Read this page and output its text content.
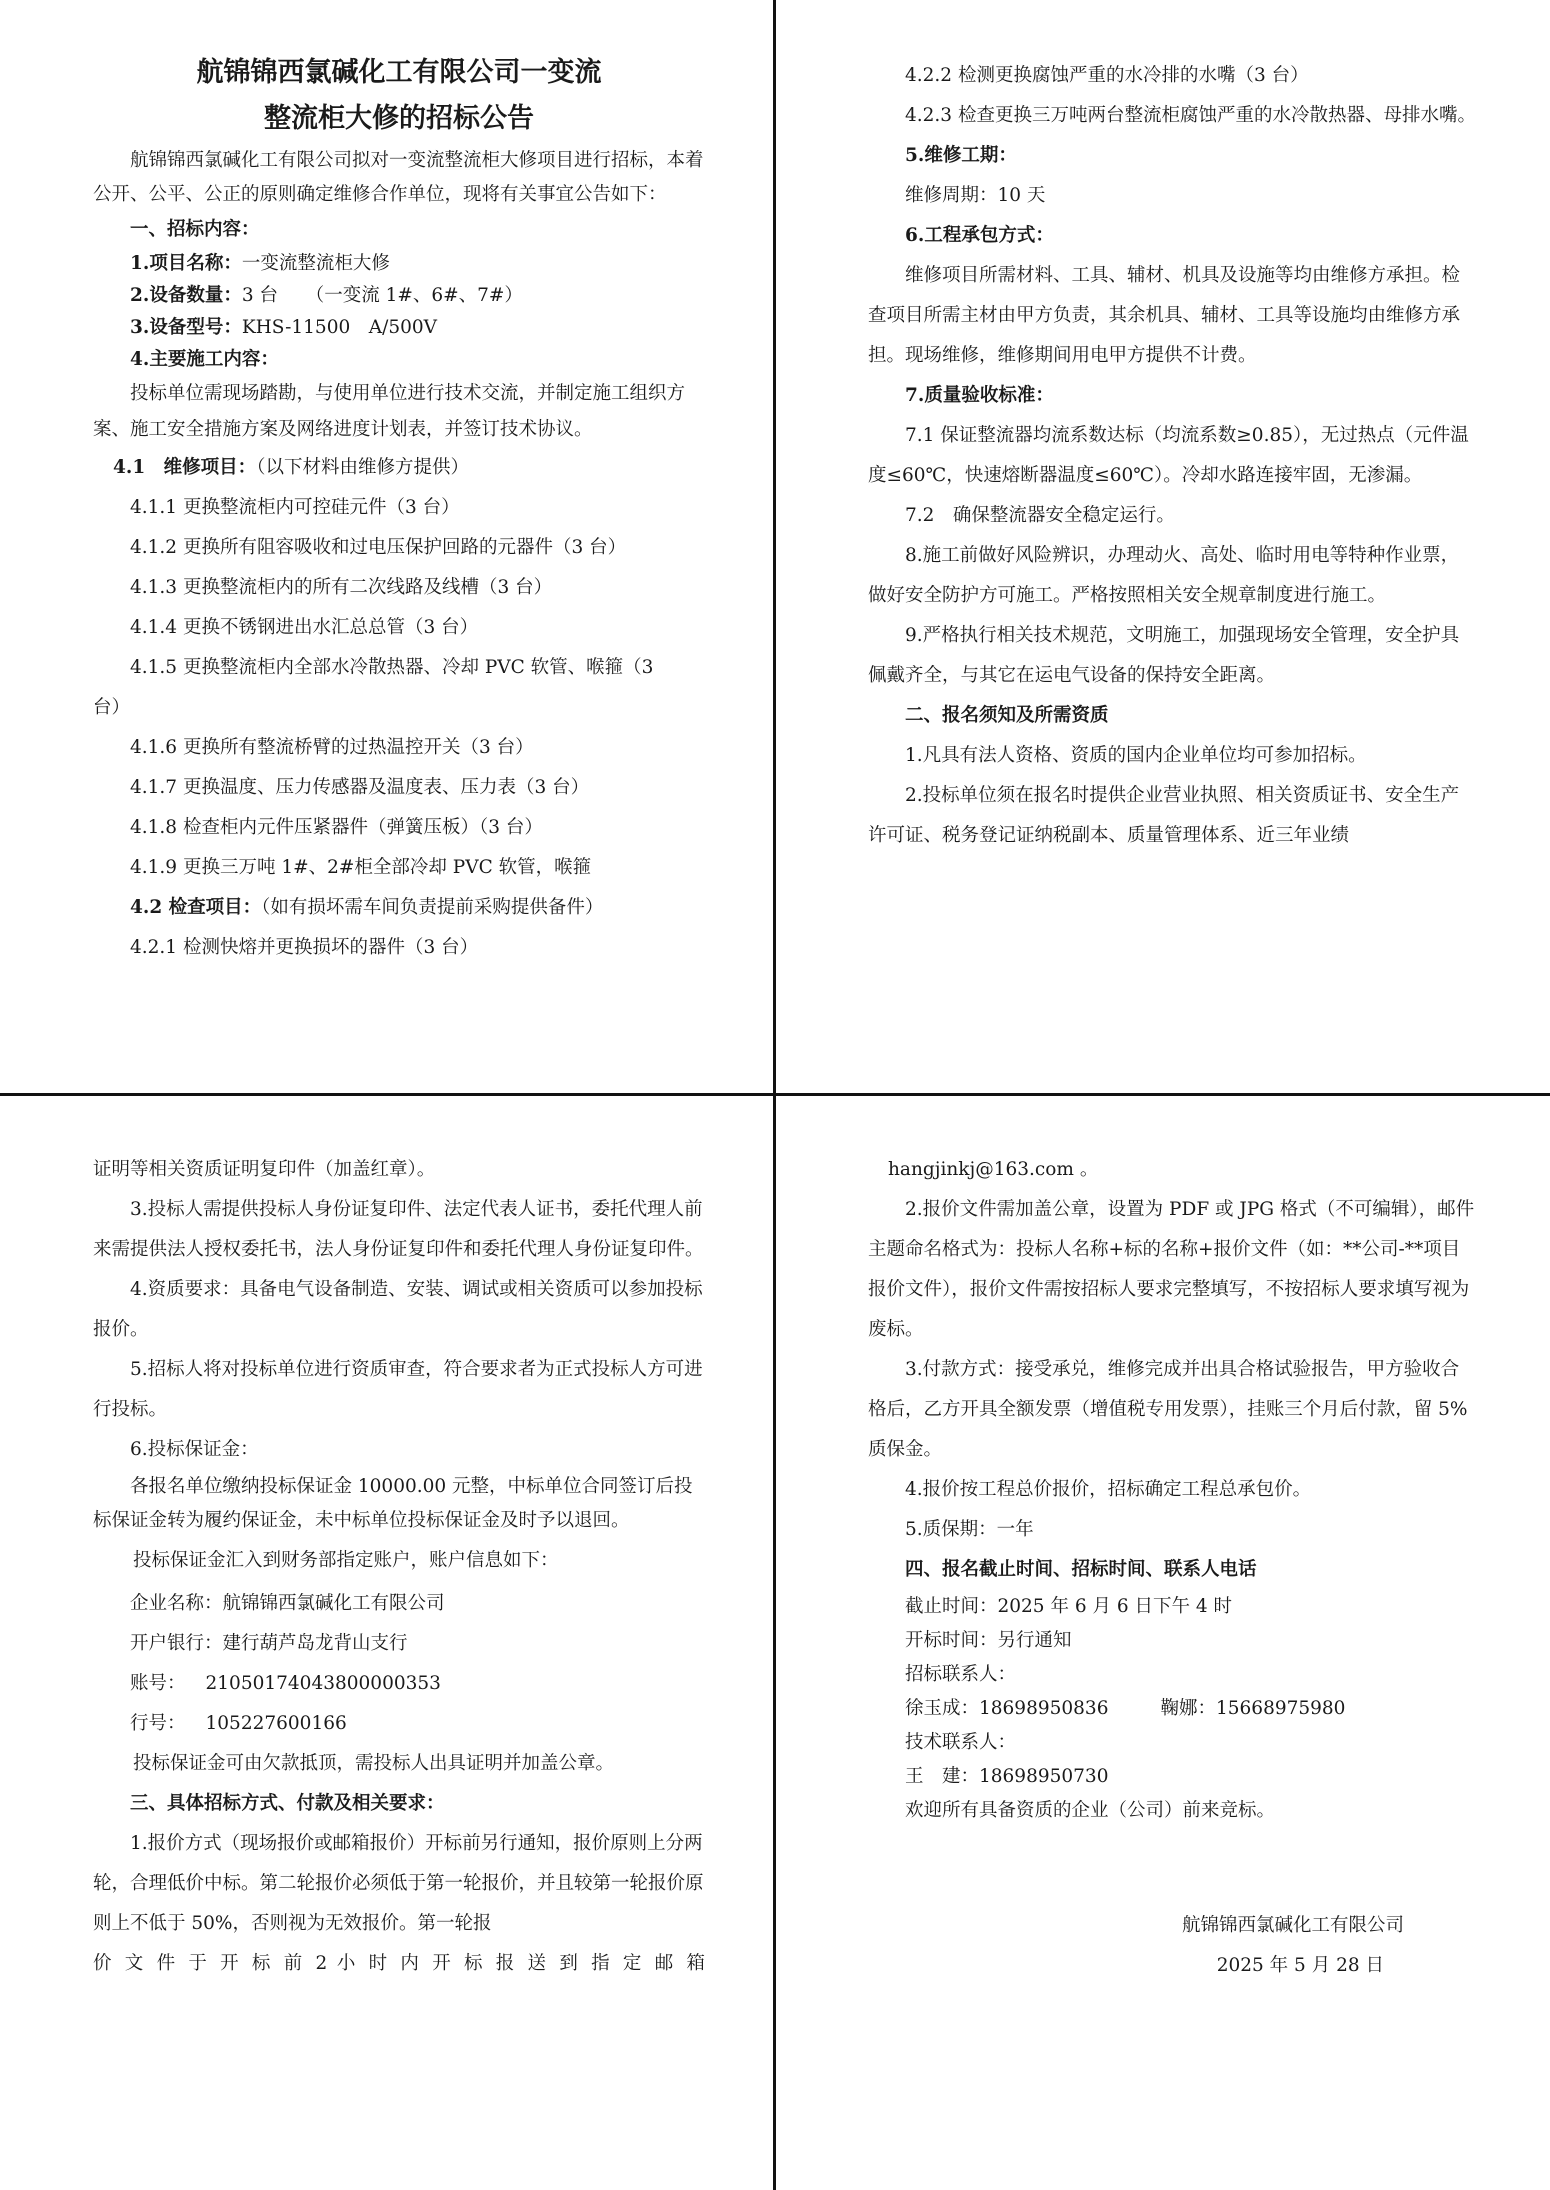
航锦锦西氯碱化工有限公司一变流
整流柜大修的招标公告
航锦锦西氯碱化工有限公司拟对一变流整流柜大修项目进行招标，本着公开、公平、公正的原则确定维修合作单位，现将有关事宜公告如下：
一、招标内容：
1.项目名称：一变流整流柜大修
2.设备数量：3 台　　（一变流 1#、6#、7#）
3.设备型号：KHS-11500　A/500V
4.主要施工内容：
投标单位需现场踏勘，与使用单位进行技术交流，并制定施工组织方案、施工安全措施方案及网络进度计划表，并签订技术协议。
4.1　维修项目：（以下材料由维修方提供）
4.1.1 更换整流柜内可控硅元件（3 台）
4.1.2 更换所有阻容吸收和过电压保护回路的元器件（3 台）
4.1.3 更换整流柜内的所有二次线路及线槽（3 台）
4.1.4 更换不锈钢进出水汇总总管（3 台）
4.1.5 更换整流柜内全部水冷散热器、冷却 PVC 软管、喉箍（3
台）
4.1.6 更换所有整流桥臂的过热温控开关（3 台）
4.1.7 更换温度、压力传感器及温度表、压力表（3 台）
4.1.8 检查柜内元件压紧器件（弹簧压板）（3 台）
4.1.9 更换三万吨 1#、2#柜全部冷却 PVC 软管，喉箍
4.2 检查项目：（如有损坏需车间负责提前采购提供备件）
4.2.1 检测快熔并更换损坏的器件（3 台）
4.2.2 检测更换腐蚀严重的水冷排的水嘴（3 台）
4.2.3 检查更换三万吨两台整流柜腐蚀严重的水冷散热器、母排水嘴。
5.维修工期：
维修周期：10 天
6.工程承包方式：
维修项目所需材料、工具、辅材、机具及设施等均由维修方承担。检查项目所需主材由甲方负责，其余机具、辅材、工具等设施均由维修方承担。现场维修，维修期间用电甲方提供不计费。
7.质量验收标准：
7.1 保证整流器均流系数达标（均流系数≥0.85），无过热点（元件温度≤60℃，快速熔断器温度≤60℃）。冷却水路连接牢固，无渗漏。
7.2　确保整流器安全稳定运行。
8.施工前做好风险辨识，办理动火、高处、临时用电等特种作业票，做好安全防护方可施工。严格按照相关安全规章制度进行施工。
9.严格执行相关技术规范，文明施工，加强现场安全管理，安全护具佩戴齐全，与其它在运电气设备的保持安全距离。
二、报名须知及所需资质
1.凡具有法人资格、资质的国内企业单位均可参加招标。
2.投标单位须在报名时提供企业营业执照、相关资质证书、安全生产许可证、税务登记证纳税副本、质量管理体系、近三年业绩
证明等相关资质证明复印件（加盖红章）。
3.投标人需提供投标人身份证复印件、法定代表人证书，委托代理人前来需提供法人授权委托书，法人身份证复印件和委托代理人身份证复印件。
4.资质要求：具备电气设备制造、安装、调试或相关资质可以参加投标报价。
5.招标人将对投标单位进行资质审查，符合要求者为正式投标人方可进行投标。
6.投标保证金：
各报名单位缴纳投标保证金 10000.00 元整，中标单位合同签订后投标保证金转为履约保证金，未中标单位投标保证金及时予以退回。
投标保证金汇入到财务部指定账户，账户信息如下：
企业名称：航锦锦西氯碱化工有限公司
开户银行：建行葫芦岛龙背山支行
账号： 21050174043800000353
行号： 105227600166
投标保证金可由欠款抵顶，需投标人出具证明并加盖公章。
三、具体招标方式、付款及相关要求：
1.报价方式（现场报价或邮箱报价）开标前另行通知，报价原则上分两轮，合理低价中标。第二轮报价必须低于第一轮报价，并且较第一轮报价原则上不低于 50%，否则视为无效报价。第一轮报
价 文 件 于 开 标 前 2 小 时 内 开 标 报 送 到 指 定 邮 箱
hangjinkj@163.com 。
2.报价文件需加盖公章，设置为 PDF 或 JPG 格式（不可编辑），邮件主题命名格式为：投标人名称+标的名称+报价文件（如：**公司-**项目报价文件），报价文件需按招标人要求完整填写，不按招标人要求填写视为废标。
3.付款方式：接受承兑，维修完成并出具合格试验报告，甲方验收合格后，乙方开具全额发票（增值税专用发票），挂账三个月后付款，留 5%质保金。
4.报价按工程总价报价，招标确定工程总承包价。
5.质保期：一年
四、报名截止时间、招标时间、联系人电话
截止时间：2025 年 6 月 6 日下午 4 时
开标时间：另行通知
招标联系人：
徐玉成：18698950836	鞠娜：15668975980
技术联系人：
王　建：18698950730
欢迎所有具备资质的企业（公司）前来竞标。
航锦锦西氯碱化工有限公司
2025 年 5 月 28 日
